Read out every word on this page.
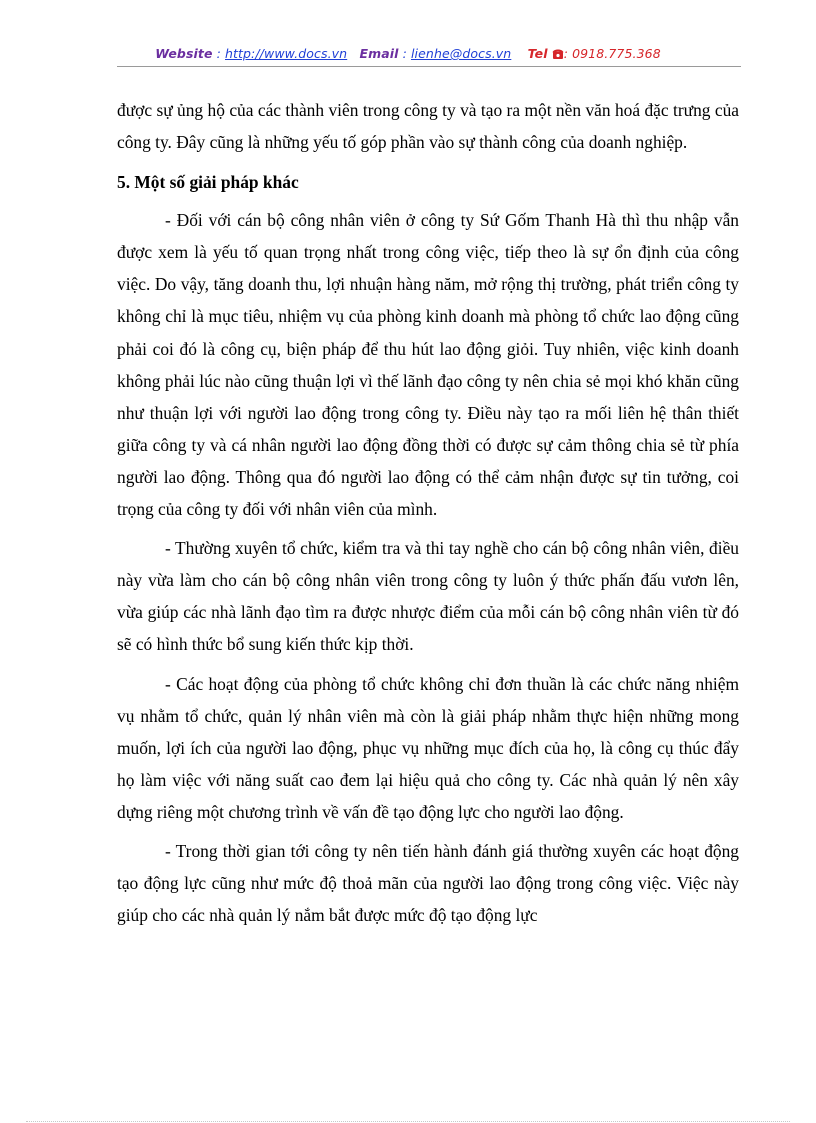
Website : http://www.docs.vn Email : lienhe@docs.vn Tel : 0918.775.368

được sự ủng hộ của các thành viên trong công ty và tạo ra một nền văn hoá đặc trưng của công ty. Đây cũng là những yếu tố góp phần vào sự thành công của doanh nghiệp.

5. Một số giải pháp khác

- Đối với cán bộ công nhân viên ở công ty Sứ Gốm Thanh Hà thì thu nhập vẫn được xem là yếu tố quan trọng nhất trong công việc, tiếp theo là sự ổn định của công việc. Do vậy, tăng doanh thu, lợi nhuận hàng năm, mở rộng thị trường, phát triển công ty không chỉ là mục tiêu, nhiệm vụ của phòng kinh doanh mà phòng tổ chức lao động cũng phải coi đó là công cụ, biện pháp để thu hút lao động giỏi. Tuy nhiên, việc kinh doanh không phải lúc nào cũng thuận lợi vì thế lãnh đạo công ty nên chia sẻ mọi khó khăn cũng như thuận lợi với người lao động trong công ty. Điều này tạo ra mối liên hệ thân thiết giữa công ty và cá nhân người lao động đồng thời có được sự cảm thông chia sẻ từ phía người lao động. Thông qua đó người lao động có thể cảm nhận được sự tin tưởng, coi trọng của công ty đối với nhân viên của mình.

- Thường xuyên tổ chức, kiểm tra và thi tay nghề cho cán bộ công nhân viên, điều này vừa làm cho cán bộ công nhân viên trong công ty luôn ý thức phấn đấu vươn lên, vừa giúp các nhà lãnh đạo tìm ra được nhược điểm của mỗi cán bộ công nhân viên từ đó sẽ có hình thức bổ sung kiến thức kịp thời.

- Các hoạt động của phòng tổ chức không chỉ đơn thuần là các chức năng nhiệm vụ nhằm tổ chức, quản lý nhân viên mà còn là giải pháp nhằm thực hiện những mong muốn, lợi ích của người lao động, phục vụ những mục đích của họ, là công cụ thúc đẩy họ làm việc với năng suất cao đem lại hiệu quả cho công ty. Các nhà quản lý nên xây dựng riêng một chương trình về vấn đề tạo động lực cho người lao động.

- Trong thời gian tới công ty nên tiến hành đánh giá thường xuyên các hoạt động tạo động lực cũng như mức độ thoả mãn của người lao động trong công việc. Việc này giúp cho các nhà quản lý nắm bắt được mức độ tạo động lực
